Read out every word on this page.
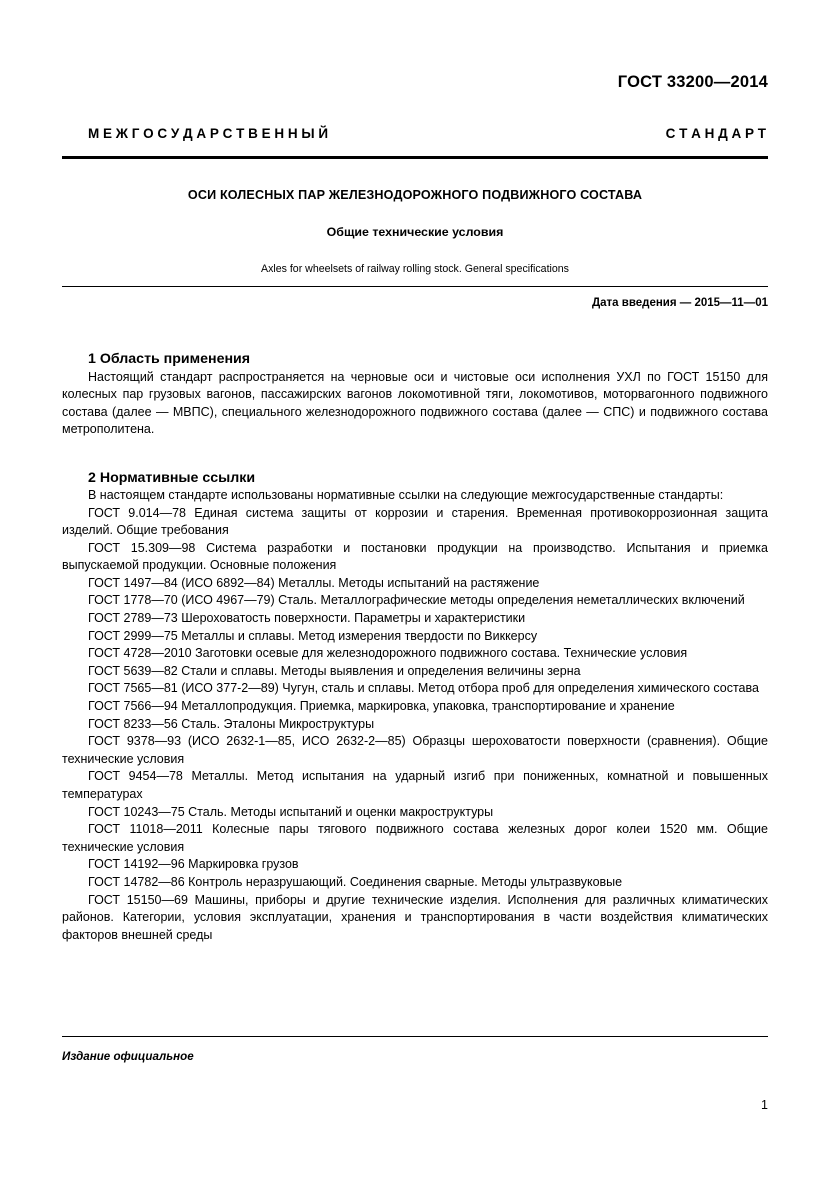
ГОСТ 33200—2014
М Е Ж Г О С У Д А Р С Т В Е Н Н Ы Й	С Т А Н Д А Р Т
ОСИ КОЛЕСНЫХ ПАР ЖЕЛЕЗНОДОРОЖНОГО ПОДВИЖНОГО СОСТАВА
Общие технические условия
Axles for wheelsets of railway rolling stock. General specifications
Дата введения — 2015—11—01
1 Область применения

Настоящий стандарт распространяется на черновые оси и чистовые оси исполнения УХЛ по ГОСТ 15150 для колесных пар грузовых вагонов, пассажирских вагонов локомотивной тяги, локомотивов, моторвагонного подвижного состава (далее — МВПС), специального железнодорожного подвижного состава (далее — СПС) и подвижного состава метрополитена.

2 Нормативные ссылки

В настоящем стандарте использованы нормативные ссылки на следующие межгосударственные стандарты:

ГОСТ 9.014—78 Единая система защиты от коррозии и старения. Временная противокоррозионная защита изделий. Общие требования

ГОСТ 15.309—98 Система разработки и постановки продукции на производство. Испытания и приемка выпускаемой продукции. Основные положения

ГОСТ 1497—84 (ИСО 6892—84) Металлы. Методы испытаний на растяжение

ГОСТ 1778—70 (ИСО 4967—79) Сталь. Металлографические методы определения неметаллических включений

ГОСТ 2789—73 Шероховатость поверхности. Параметры и характеристики

ГОСТ 2999—75 Металлы и сплавы. Метод измерения твердости по Виккерсу

ГОСТ 4728—2010 Заготовки осевые для железнодорожного подвижного состава. Технические условия

ГОСТ 5639—82 Стали и сплавы. Методы выявления и определения величины зерна

ГОСТ 7565—81 (ИСО 377-2—89) Чугун, сталь и сплавы. Метод отбора проб для определения химического состава

ГОСТ 7566—94 Металлопродукция. Приемка, маркировка, упаковка, транспортирование и хранение

ГОСТ 8233—56 Сталь. Эталоны Микроструктуры

ГОСТ 9378—93 (ИСО 2632-1—85, ИСО 2632-2—85) Образцы шероховатости поверхности (сравнения). Общие технические условия

ГОСТ 9454—78 Металлы. Метод испытания на ударный изгиб при пониженных, комнатной и повышенных температурах

ГОСТ 10243—75 Сталь. Методы испытаний и оценки макроструктуры

ГОСТ 11018—2011 Колесные пары тягового подвижного состава железных дорог колеи 1520 мм. Общие технические условия

ГОСТ 14192—96 Маркировка грузов

ГОСТ 14782—86 Контроль неразрушающий. Соединения сварные. Методы ультразвуковые

ГОСТ 15150—69 Машины, приборы и другие технические изделия. Исполнения для различных климатических районов. Категории, условия эксплуатации, хранения и транспортирования в части воздействия климатических факторов внешней среды

Издание официальное
1
